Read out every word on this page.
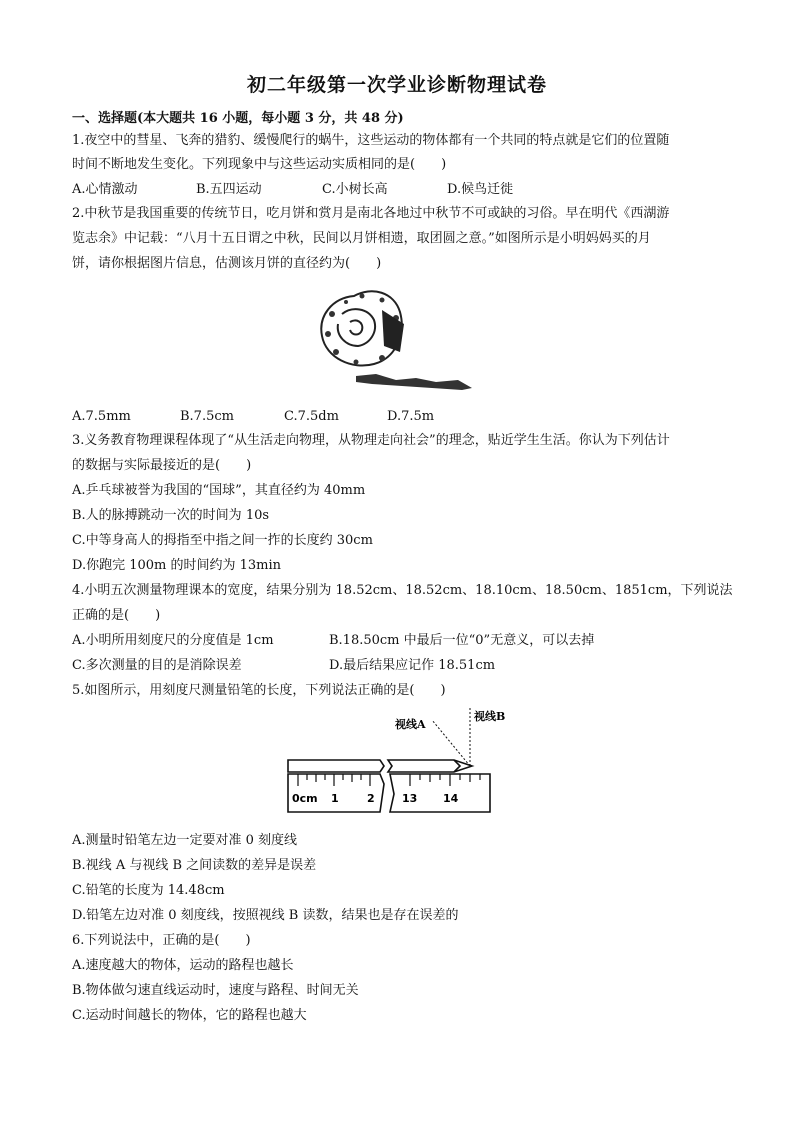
初二年级第一次学业诊断物理试卷
一、选择题(本大题共 16 小题，每小题 3 分，共 48 分)
1.夜空中的彗星、飞奔的猎豹、缓慢爬行的蜗牛，这些运动的物体都有一个共同的特点就是它们的位置随
时间不断地发生变化。下列现象中与这些运动实质相同的是(　　)
A.心情激动	B.五四运动	C.小树长高	D.候鸟迁徙
2.中秋节是我国重要的传统节日，吃月饼和赏月是南北各地过中秋节不可或缺的习俗。早在明代《西湖游
览志余》中记载：“八月十五日谓之中秋，民间以月饼相遗，取团圆之意。”如图所示是小明妈妈买的月
饼，请你根据图片信息，估测该月饼的直径约为(　　)
A.7.5mm	B.7.5cm	C.7.5dm	D.7.5m
3.义务教育物理课程体现了“从生活走向物理，从物理走向社会”的理念，贴近学生生活。你认为下列估计
的数据与实际最接近的是(　　)
A.乒乓球被誉为我国的“国球”，其直径约为 40mm
B.人的脉搏跳动一次的时间为 10s
C.中等身高人的拇指至中指之间一拃的长度约 30cm
D.你跑完 100m 的时间约为 13min
4.小明五次测量物理课本的宽度，结果分别为 18.52cm、18.52cm、18.10cm、18.50cm、1851cm，下列说法
正确的是(　　)
A.小明所用刻度尺的分度值是 1cm	B.18.50cm 中最后一位“0”无意义，可以去掉
C.多次测量的目的是消除误差	D.最后结果应记作 18.51cm
5.如图所示，用刻度尺测量铅笔的长度，下列说法正确的是(　　)
视线A
视线B
0cm 1	2 13 14
A.测量时铅笔左边一定要对准 0 刻度线
B.视线 A 与视线 B 之间读数的差异是误差
C.铅笔的长度为 14.48cm
D.铅笔左边对准 0 刻度线，按照视线 B 读数，结果也是存在误差的
6.下列说法中，正确的是(　　)
A.速度越大的物体，运动的路程也越长
B.物体做匀速直线运动时，速度与路程、时间无关
C.运动时间越长的物体，它的路程也越大
